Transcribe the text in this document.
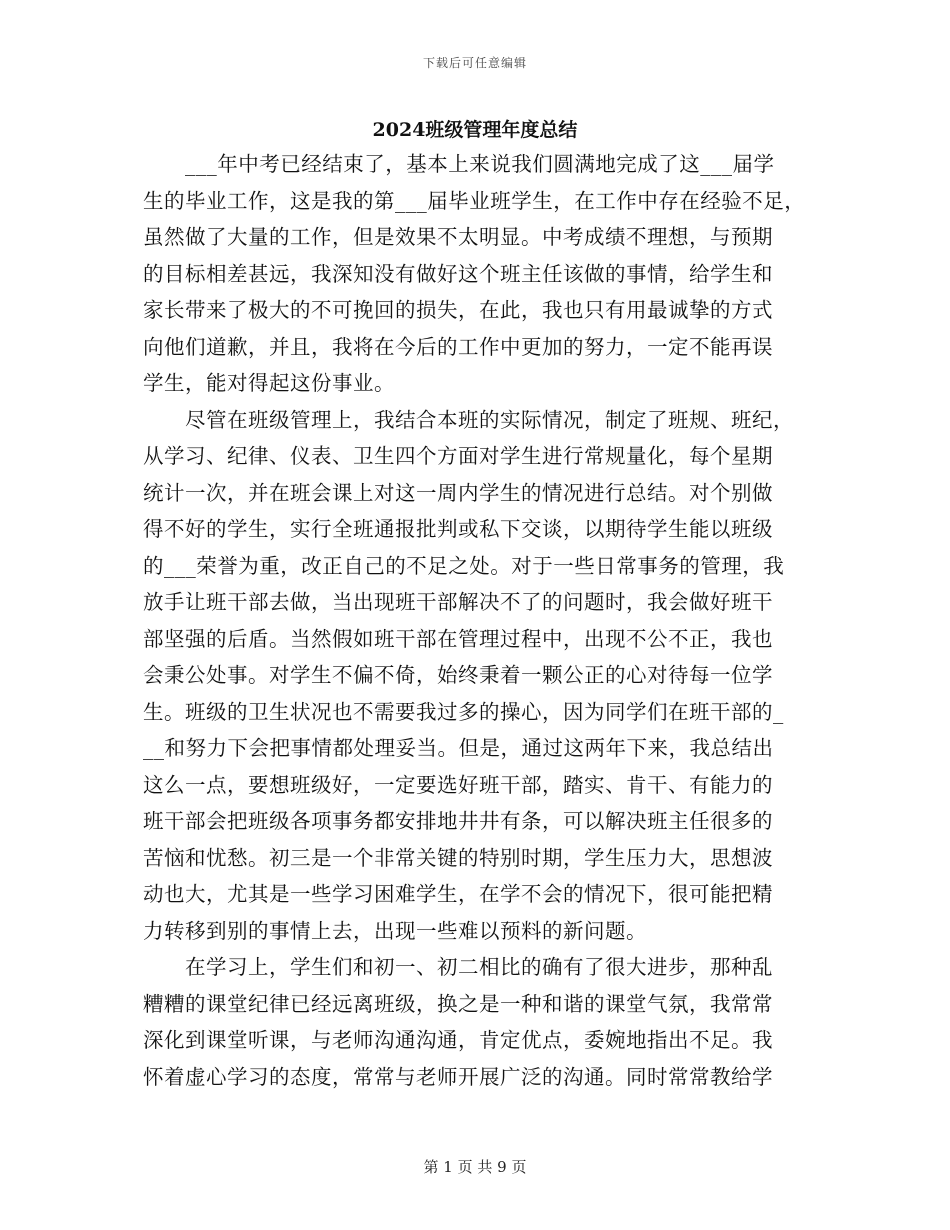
下载后可任意编辑
2024班级管理年度总结
　　___年中考已经结束了，基本上来说我们圆满地完成了这___届学
生的毕业工作，这是我的第___届毕业班学生，在工作中存在经验不足，
虽然做了大量的工作，但是效果不太明显。中考成绩不理想，与预期
的目标相差甚远，我深知没有做好这个班主任该做的事情，给学生和
家长带来了极大的不可挽回的损失，在此，我也只有用最诚挚的方式
向他们道歉，并且，我将在今后的工作中更加的努力，一定不能再误
学生，能对得起这份事业。
　　尽管在班级管理上，我结合本班的实际情况，制定了班规、班纪，
从学习、纪律、仪表、卫生四个方面对学生进行常规量化，每个星期
统计一次，并在班会课上对这一周内学生的情况进行总结。对个别做
得不好的学生，实行全班通报批判或私下交谈，以期待学生能以班级
的___荣誉为重，改正自己的不足之处。对于一些日常事务的管理，我
放手让班干部去做，当出现班干部解决不了的问题时，我会做好班干
部坚强的后盾。当然假如班干部在管理过程中，出现不公不正，我也
会秉公处事。对学生不偏不倚，始终秉着一颗公正的心对待每一位学
生。班级的卫生状况也不需要我过多的操心，因为同学们在班干部的_
__和努力下会把事情都处理妥当。但是，通过这两年下来，我总结出
这么一点，要想班级好，一定要选好班干部，踏实、肯干、有能力的
班干部会把班级各项事务都安排地井井有条，可以解决班主任很多的
苦恼和忧愁。初三是一个非常关键的特别时期，学生压力大，思想波
动也大，尤其是一些学习困难学生，在学不会的情况下，很可能把精
力转移到别的事情上去，出现一些难以预料的新问题。
　　在学习上，学生们和初一、初二相比的确有了很大进步，那种乱
糟糟的课堂纪律已经远离班级，换之是一种和谐的课堂气氛，我常常
深化到课堂听课，与老师沟通沟通，肯定优点，委婉地指出不足。我
怀着虚心学习的态度，常常与老师开展广泛的沟通。同时常常教给学
第 1 页 共 9 页
